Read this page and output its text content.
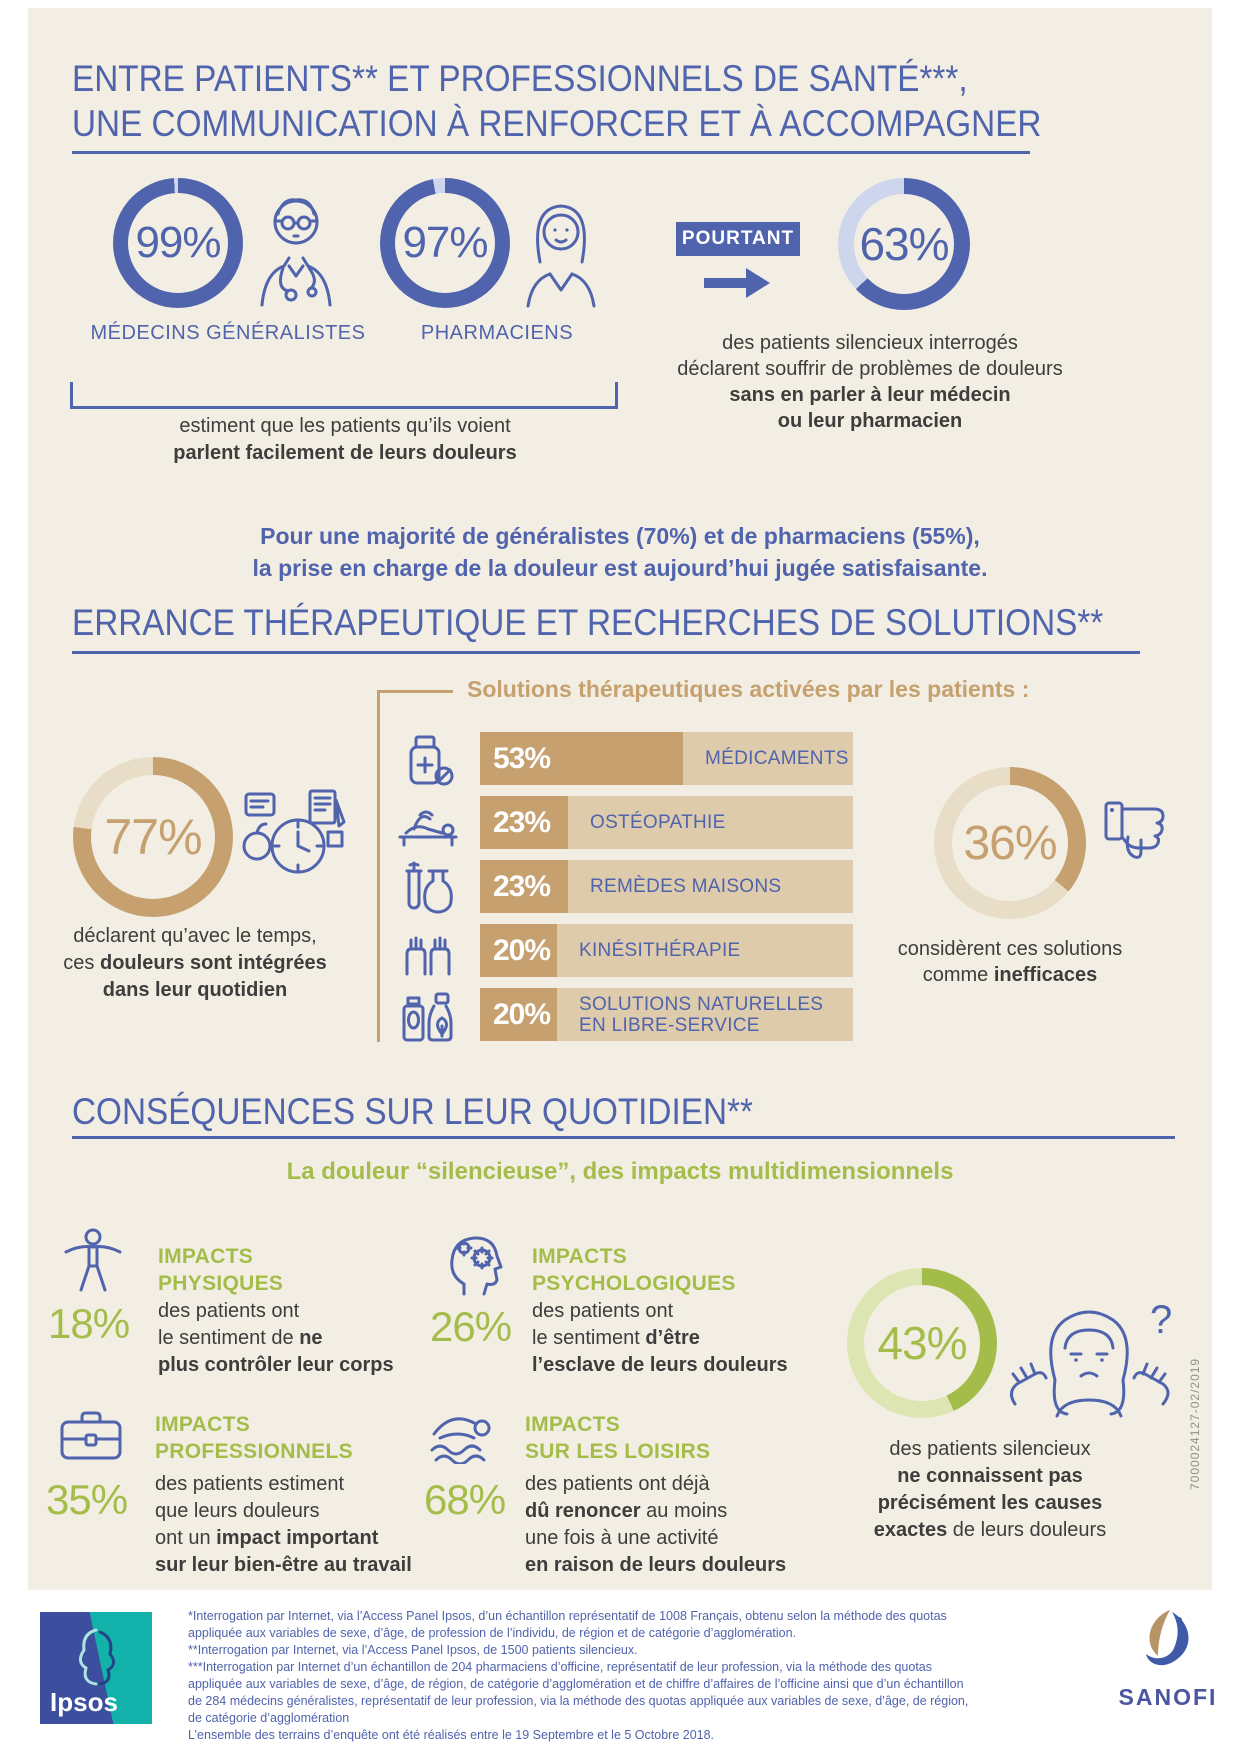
ENTRE PATIENTS** ET PROFESSIONNELS DE SANTÉ***,
UNE COMMUNICATION À RENFORCER ET À ACCOMPAGNER
99%
MÉDECINS GÉNÉRALISTES
97%
PHARMACIENS
estiment que les patients qu’ils voient
parlent facilement de leurs douleurs
POURTANT 63%
des patients silencieux interrogés
déclarent souffrir de problèmes de douleurs
sans en parler à leur médecin
ou leur pharmacien
Pour une majorité de généralistes (70%) et de pharmaciens (55%),
la prise en charge de la douleur est aujourd’hui jugée satisfaisante.
ERRANCE THÉRAPEUTIQUE ET RECHERCHES DE SOLUTIONS**
Solutions thérapeutiques activées par les patients :
77%
déclarent qu’avec le temps,
ces douleurs sont intégrées
dans leur quotidien
53%	MÉDICAMENTS
23% OSTÉOPATHIE
23% REMÈDES MAISONS
20% KINÉSITHÉRAPIE
20% SOLUTIONS NATURELLES
EN LIBRE-SERVICE
36%
considèrent ces solutions
comme inefficaces
CONSÉQUENCES SUR LEUR QUOTIDIEN**
La douleur “silencieuse”, des impacts multidimensionnels
IMPACTS
PHYSIQUES
18% des patients ont
le sentiment de ne
plus contrôler leur corps
IMPACTS
PSYCHOLOGIQUES
26% des patients ont
le sentiment d’être
l’esclave de leurs douleurs 43%	?
des patients silencieux
ne connaissent pas
précisément les causes
exactes de leurs douleurs
IMPACTS
PROFESSIONNELS
35% des patients estiment
que leurs douleurs
ont un impact important
sur leur bien-être au travail
IMPACTS
SUR LES LOISIRS
68% des patients ont déjà
dû renoncer au moins
une fois à une activité
en raison de leurs douleurs
7000024127-02/2019
Ipsos
*Interrogation par Internet, via l’Access Panel Ipsos, d’un échantillon représentatif de 1008 Français, obtenu selon la méthode des quotas
appliquée aux variables de sexe, d’âge, de profession de l’individu, de région et de catégorie d’agglomération.
**Interrogation par Internet, via l’Access Panel Ipsos, de 1500 patients silencieux.
***Interrogation par Internet d’un échantillon de 204 pharmaciens d’officine, représentatif de leur profession, via la méthode des quotas
appliquée aux variables de sexe, d’âge, de région, de catégorie d’agglomération et de chiffre d’affaires de l’officine ainsi que d’un échantillon
de 284 médecins généralistes, représentatif de leur profession, via la méthode des quotas appliquée aux variables de sexe, d’âge, de région,
de catégorie d’agglomération
L’ensemble des terrains d’enquête ont été réalisés entre le 19 Septembre et le 5 Octobre 2018.
SANOFI
